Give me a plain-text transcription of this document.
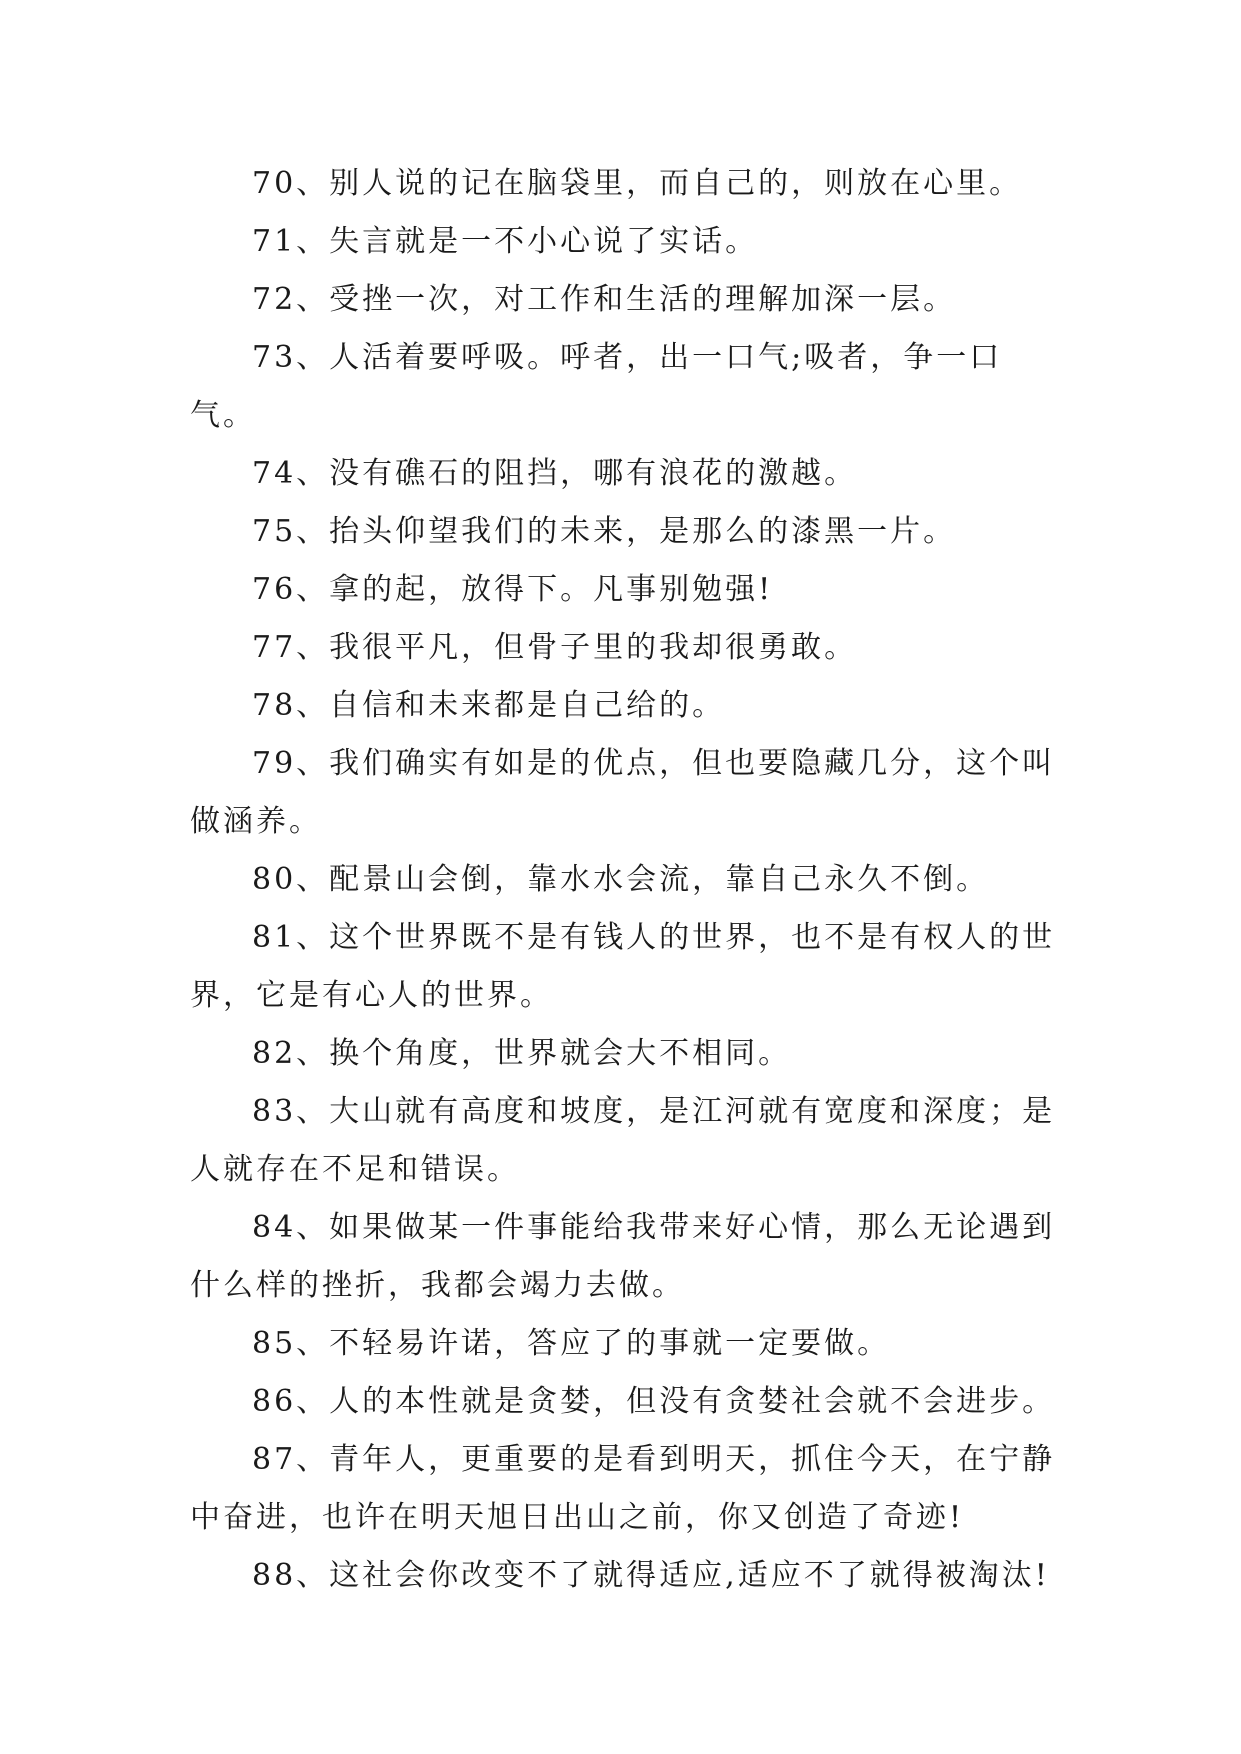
70、别人说的记在脑袋里，而自己的，则放在心里。

71、失言就是一不小心说了实话。

72、受挫一次，对工作和生活的理解加深一层。

73、人活着要呼吸。呼者，出一口气;吸者，争一口气。

74、没有礁石的阻挡，哪有浪花的激越。

75、抬头仰望我们的未来，是那么的漆黑一片。

76、拿的起，放得下。凡事别勉强!

77、我很平凡，但骨子里的我却很勇敢。

78、自信和未来都是自己给的。

79、我们确实有如是的优点，但也要隐藏几分，这个叫做涵养。

80、配景山会倒，靠水水会流，靠自己永久不倒。

81、这个世界既不是有钱人的世界，也不是有权人的世界，它是有心人的世界。

82、换个角度，世界就会大不相同。

83、大山就有高度和坡度，是江河就有宽度和深度；是人就存在不足和错误。

84、如果做某一件事能给我带来好心情，那么无论遇到什么样的挫折，我都会竭力去做。

85、不轻易许诺，答应了的事就一定要做。

86、人的本性就是贪婪，但没有贪婪社会就不会进步。

87、青年人，更重要的是看到明天，抓住今天，在宁静中奋进，也许在明天旭日出山之前，你又创造了奇迹!

88、这社会你改变不了就得适应,适应不了就得被淘汰!
